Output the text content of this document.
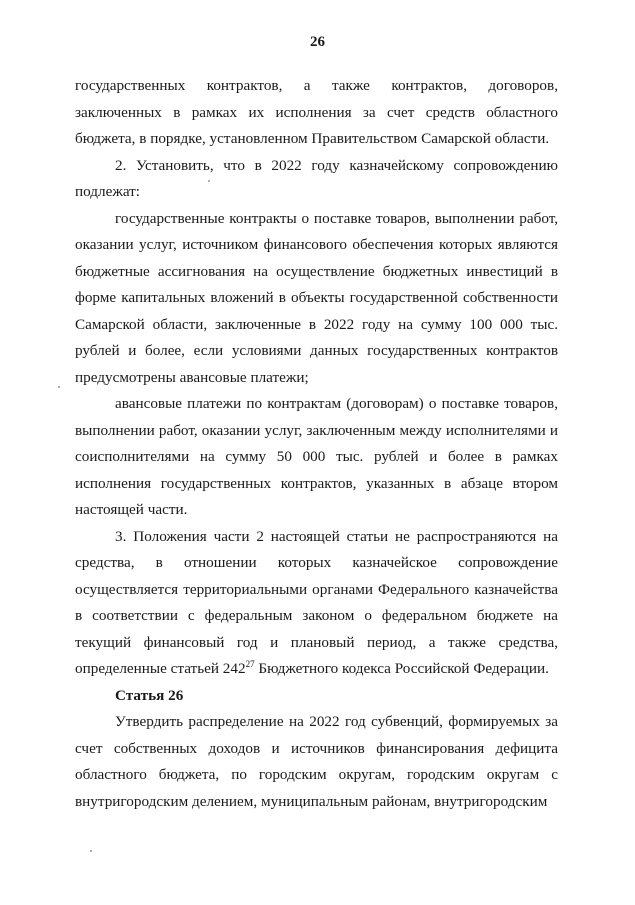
26

государственных контрактов, а также контрактов, договоров, заключенных в рамках их исполнения за счет средств областного бюджета, в порядке, установленном Правительством Самарской области.

2. Установить, что в 2022 году казначейскому сопровождению подлежат:

государственные контракты о поставке товаров, выполнении работ, оказании услуг, источником финансового обеспечения которых являются бюджетные ассигнования на осуществление бюджетных инвестиций в форме капитальных вложений в объекты государственной собственности Самарской области, заключенные в 2022 году на сумму 100 000 тыс. рублей и более, если условиями данных государственных контрактов предусмотрены авансовые платежи;

авансовые платежи по контрактам (договорам) о поставке товаров, выполнении работ, оказании услуг, заключенным между исполнителями и соисполнителями на сумму 50 000 тыс. рублей и более в рамках исполнения государственных контрактов, указанных в абзаце втором настоящей части.

3. Положения части 2 настоящей статьи не распространяются на средства, в отношении которых казначейское сопровождение осуществляется территориальными органами Федерального казначейства в соответствии с федеральным законом о федеральном бюджете на текущий финансовый год и плановый период, а также средства, определенные статьей $242^{27}$ Бюджетного кодекса Российской Федерации.

Статья 26

Утвердить распределение на 2022 год субвенций, формируемых за счет собственных доходов и источников финансирования дефицита областного бюджета, по городским округам, городским округам с внутригородским делением, муниципальным районам, внутригородским
